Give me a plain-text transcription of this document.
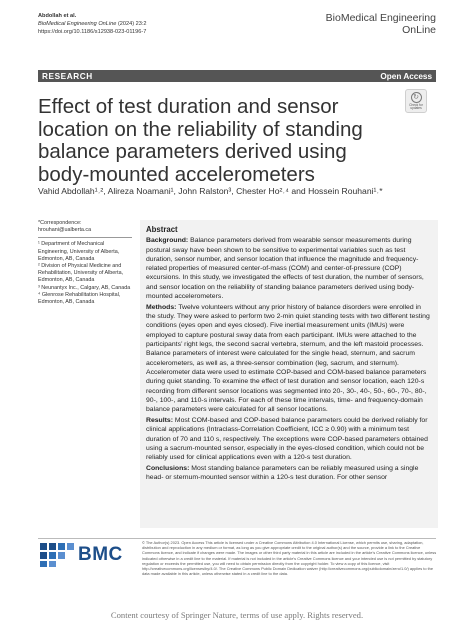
Abdollah et al.
BioMedical Engineering OnLine (2024) 23:2
https://doi.org/10.1186/s12938-023-01196-7
BioMedical Engineering
OnLine
RESEARCH	Open Access
Effect of test duration and sensor location on the reliability of standing balance parameters derived using body-mounted accelerometers
↻
Check for updates
Vahid Abdollah¹˒², Alireza Noamani¹, John Ralston³, Chester Ho²˒⁴ and Hossein Rouhani¹˒*
*Correspondence:
hrouhani@ualberta.ca
¹ Department of Mechanical Engineering, University of Alberta, Edmonton, AB, Canada
² Division of Physical Medicine and Rehabilitation, University of Alberta, Edmonton, AB, Canada
³ Neunantyx Inc., Calgary, AB, Canada
⁴ Glenrose Rehabilitation Hospital, Edmonton, AB, Canada
Abstract

Background: Balance parameters derived from wearable sensor measurements during postural sway have been shown to be sensitive to experimental variables such as test duration, sensor number, and sensor location that influence the magnitude and frequency-related properties of measured center-of-mass (COM) and center-of-pressure (COP) excursions. In this study, we investigated the effects of test duration, the number of sensors, and sensor location on the reliability of standing balance parameters derived using body-mounted accelerometers.

Methods: Twelve volunteers without any prior history of balance disorders were enrolled in the study. They were asked to perform two 2-min quiet standing tests with two different testing conditions (eyes open and eyes closed). Five inertial measurement units (IMUs) were employed to capture postural sway data from each participant. IMUs were attached to the participants’ right legs, the second sacral vertebra, sternum, and the left mastoid processes. Balance parameters of interest were calculated for the single head, sternum, and sacrum accelerometers, as well as, a three-sensor combination (leg, sacrum, and sternum). Accelerometer data were used to estimate COP-based and COM-based balance parameters during quiet standing. To examine the effect of test duration and sensor location, each 120-s recording from different sensor locations was segmented into 20-, 30-, 40-, 50-, 60-, 70-, 80-, 90-, 100-, and 110-s intervals. For each of these time intervals, time- and frequency-domain balance parameters were calculated for all sensor locations.

Results: Most COM-based and COP-based balance parameters could be derived reliably for clinical applications (Intraclass-Correlation Coefficient, ICC ≥ 0.90) with a minimum test duration of 70 and 110 s, respectively. The exceptions were COP-based parameters obtained using a sacrum-mounted sensor, especially in the eyes-closed condition, which could not be reliably used for clinical applications even with a 120-s test duration.

Conclusions: Most standing balance parameters can be reliably measured using a single head- or sternum-mounted sensor within a 120-s test duration. For other sensor

BMC
© The Author(s) 2023. Open Access This article is licensed under a Creative Commons Attribution 4.0 International License, which permits use, sharing, adaptation, distribution and reproduction in any medium or format, as long as you give appropriate credit to the original author(s) and the source, provide a link to the Creative Commons licence, and indicate if changes were made. The images or other third party material in this article are included in the article’s Creative Commons licence, unless indicated otherwise in a credit line to the material. If material is not included in the article’s Creative Commons licence and your intended use is not permitted by statutory regulation or exceeds the permitted use, you will need to obtain permission directly from the copyright holder. To view a copy of this licence, visit http://creativecommons.org/licenses/by/4.0/. The Creative Commons Public Domain Dedication waiver (http://creativecommons.org/publicdomain/zero/1.0/) applies to the data made available in this article, unless otherwise stated in a credit line to the data.
Content courtesy of Springer Nature, terms of use apply. Rights reserved.
